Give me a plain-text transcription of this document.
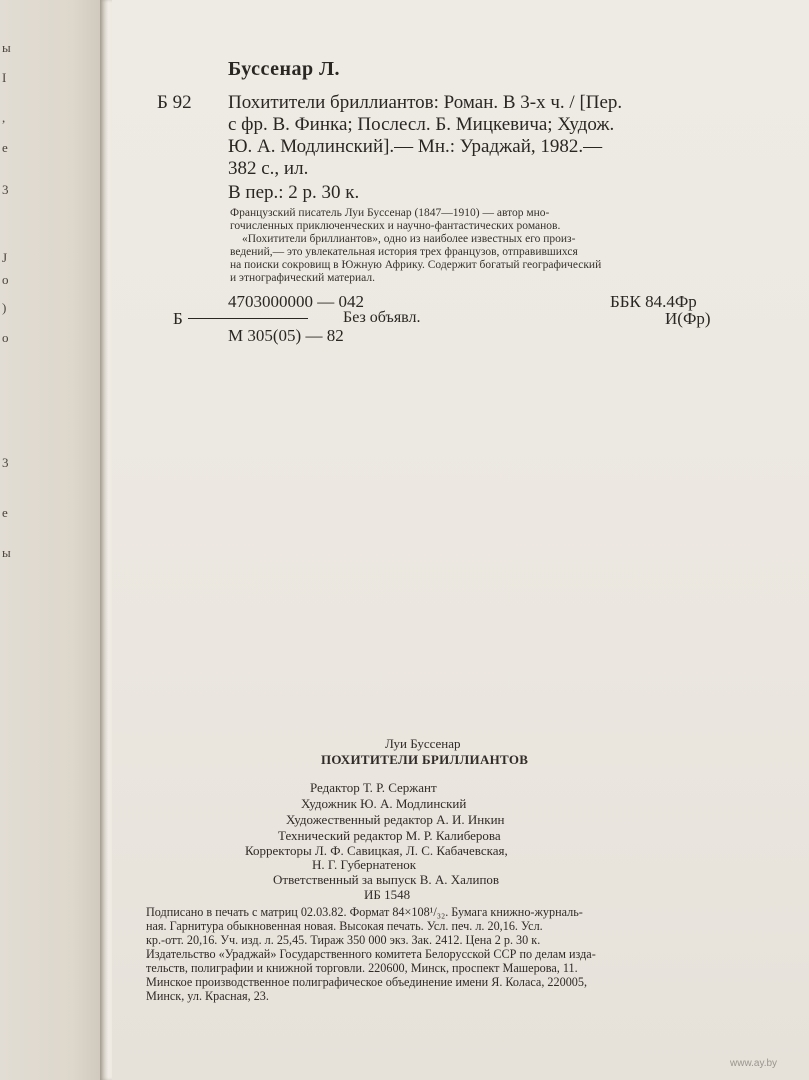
ы
I
,
e
3
J
o
)
o
3
e
ы
Буссенар Л.
Б 92 Похитители бриллиантов: Роман. В 3-х ч. / [Пер.
с фр. В. Финка; Послесл. Б. Мицкевича; Худож.
Ю. А. Модлинский].— Мн.: Ураджай, 1982.—
382 с., ил.
В пер.: 2 р. 30 к.
Французский писатель Луи Буссенар (1847—1910) — автор мно-
гочисленных приключенческих и научно-фантастических романов.
«Похитители бриллиантов», одно из наиболее известных его произ-
ведений,— это увлекательная история трех французов, отправившихся
на поиски сокровищ в Южную Африку. Содержит богатый географический
и этнографический материал.
4703000000 — 042	ББК 84.4Фр
Б	Без объявл.	И(Фр)
М 305(05) — 82
Луи Буссенар
ПОХИТИТЕЛИ БРИЛЛИАНТОВ
Редактор Т. Р. Сержант
Художник Ю. А. Модлинский
Художественный редактор А. И. Инкин
Технический редактор М. Р. Калиберова
Корректоры Л. Ф. Савицкая, Л. С. Кабачевская,
Н. Г. Губернатенок
Ответственный за выпуск В. А. Халипов
ИБ 1548
Подписано в печать с матриц 02.03.82. Формат 84×108¹/₃₂. Бумага книжно-журналь-
ная. Гарнитура обыкновенная новая. Высокая печать. Усл. печ. л. 20,16. Усл.
кр.-отт. 20,16. Уч. изд. л. 25,45. Тираж 350 000 экз. Зак. 2412. Цена 2 р. 30 к.
Издательство «Ураджай» Государственного комитета Белорусской ССР по делам изда-
тельств, полиграфии и книжной торговли. 220600, Минск, проспект Машерова, 11.
Минское производственное полиграфическое объединение имени Я. Коласа, 220005,
Минск, ул. Красная, 23.
www.ay.by
